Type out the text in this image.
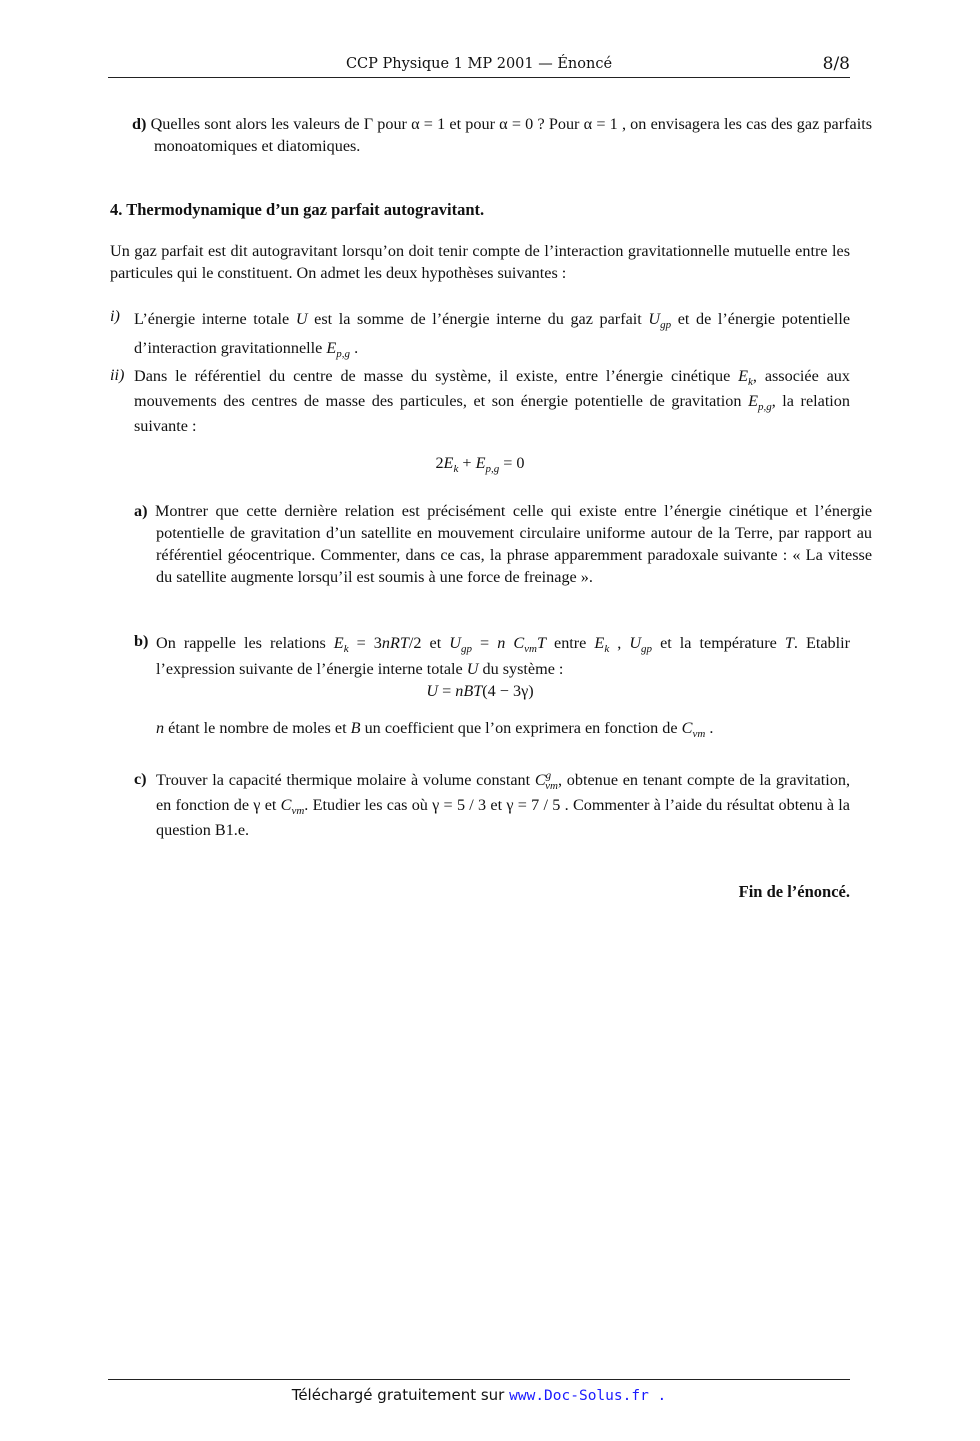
CCP Physique 1 MP 2001 — Énoncé	8/8
d) Quelles sont alors les valeurs de Γ pour α = 1 et pour α = 0 ? Pour α = 1 , on envisagera les cas des gaz parfaits monoatomiques et diatomiques.
4. Thermodynamique d’un gaz parfait autogravitant.
Un gaz parfait est dit autogravitant lorsqu’on doit tenir compte de l’interaction gravitationnelle mutuelle entre les particules qui le constituent. On admet les deux hypothèses suivantes :
i) L’énergie interne totale U est la somme de l’énergie interne du gaz parfait $U_{gp}$ et de l’énergie potentielle d’interaction gravitationnelle $E_{p,g}$ .
ii) Dans le référentiel du centre de masse du système, il existe, entre l’énergie cinétique $E_k$, associée aux mouvements des centres de masse des particules, et son énergie potentielle de gravitation $E_{p,g}$, la relation suivante :
$2E_k + E_{p,g} = 0$
a) Montrer que cette dernière relation est précisément celle qui existe entre l’énergie cinétique et l’énergie potentielle de gravitation d’un satellite en mouvement circulaire uniforme autour de la Terre, par rapport au référentiel géocentrique. Commenter, dans ce cas, la phrase apparemment paradoxale suivante : « La vitesse du satellite augmente lorsqu’il est soumis à une force de freinage ».
b) On rappelle les relations $E_k = 3nRT/2$ et $U_{gp} = n$ $C_{vm}T$ entre $E_k$ , $U_{gp}$ et la température T. Etablir l’expression suivante de l’énergie interne totale U du système :
U = nBT(4 − 3γ)
n étant le nombre de moles et B un coefficient que l’on exprimera en fonction de $C_{vm}$ .
c) Trouver la capacité thermique molaire à volume constant $C^g_{vm}$, obtenue en tenant compte de la gravitation, en fonction de γ et $C_{vm}$. Etudier les cas où γ = 5 / 3 et γ = 7 / 5 . Commenter à l’aide du résultat obtenu à la question B1.e.
Fin de l’énoncé.
Téléchargé gratuitement sur www.Doc-Solus.fr .
